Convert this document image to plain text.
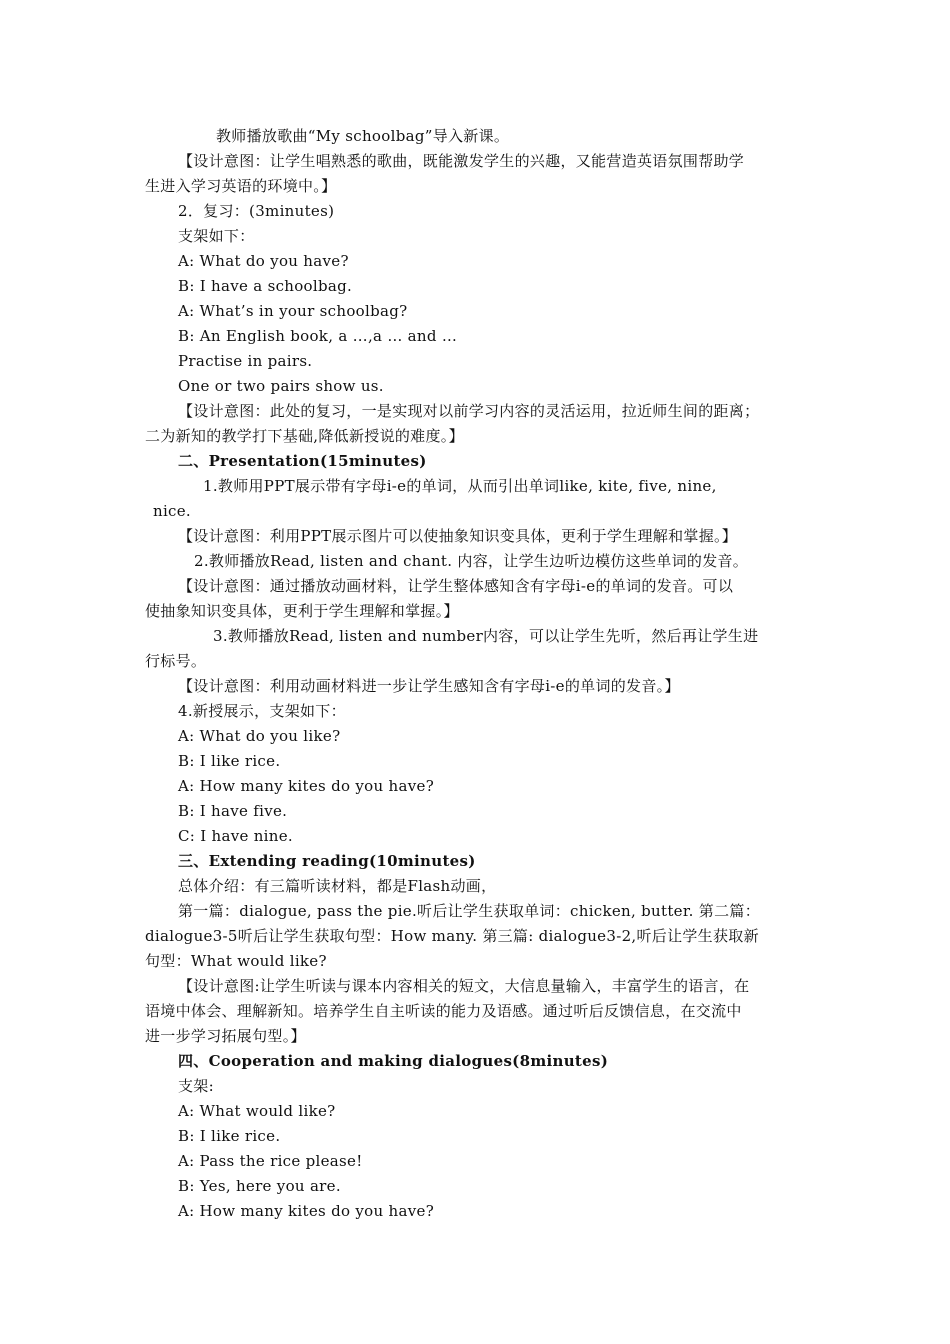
教师播放歌曲“My schoolbag”导入新课。
【设计意图：让学生唱熟悉的歌曲，既能激发学生的兴趣，又能营造英语氛围帮助学
生进入学习英语的环境中。】
2．复习：(3minutes)
支架如下：
A: What do you have?
B: I have a schoolbag.
A: What’s in your schoolbag?
B: An English book, a …,a … and …
Practise in pairs.
One or two pairs show us.
【设计意图：此处的复习，一是实现对以前学习内容的灵活运用，拉近师生间的距离；
二为新知的教学打下基础,降低新授说的难度。】
二、Presentation(15minutes)
1.教师用PPT展示带有字母i-e的单词，从而引出单词like, kite, five, nine,
nice.
【设计意图：利用PPT展示图片可以使抽象知识变具体，更利于学生理解和掌握。】
2.教师播放Read, listen and chant. 内容，让学生边听边模仿这些单词的发音。
【设计意图：通过播放动画材料，让学生整体感知含有字母i-e的单词的发音。可以
使抽象知识变具体，更利于学生理解和掌握。】
3.教师播放Read, listen and number内容，可以让学生先听，然后再让学生进
行标号。
【设计意图：利用动画材料进一步让学生感知含有字母i-e的单词的发音。】
4.新授展示，支架如下：
A: What do you like?
B: I like rice.
A: How many kites do you have?
B: I have five.
C: I have nine.
三、Extending reading(10minutes)
总体介绍：有三篇听读材料，都是Flash动画，
第一篇：dialogue, pass the pie.听后让学生获取单词：chicken, butter. 第二篇：
dialogue3-5听后让学生获取句型：How many. 第三篇: dialogue3-2,听后让学生获取新
句型：What would like?
【设计意图:让学生听读与课本内容相关的短文，大信息量输入，丰富学生的语言，在
语境中体会、理解新知。培养学生自主听读的能力及语感。通过听后反馈信息，在交流中
进一步学习拓展句型。】
四、Cooperation and making dialogues(8minutes)
支架:
A: What would like?
B: I like rice.
A: Pass the rice please!
B: Yes, here you are.
A: How many kites do you have?
